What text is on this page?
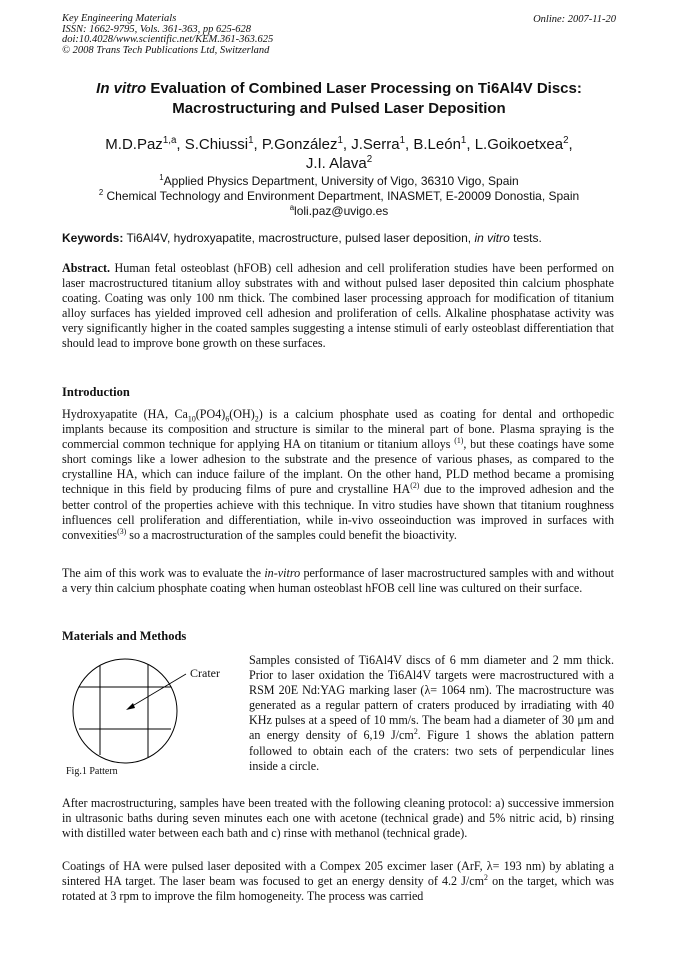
Key Engineering Materials
ISSN: 1662-9795, Vols. 361-363, pp 625-628
doi:10.4028/www.scientific.net/KEM.361-363.625
© 2008 Trans Tech Publications Ltd, Switzerland
Online: 2007-11-20
In vitro Evaluation of Combined Laser Processing on Ti6Al4V Discs:
Macrostructuring and Pulsed Laser Deposition
M.D.Paz$^{1,a}$, S.Chiussi$^1$, P.González$^1$, J.Serra$^1$, B.León$^1$, L.Goikoetxea$^2$,
J.I. Alava$^2$
$^1$Applied Physics Department, University of Vigo, 36310 Vigo, Spain
$^2$ Chemical Technology and Environment Department, INASMET, E-20009 Donostia, Spain
$^a$loli.paz@uvigo.es
Keywords: Ti6Al4V, hydroxyapatite, macrostructure, pulsed laser deposition, in vitro tests.
Abstract. Human fetal osteoblast (hFOB) cell adhesion and cell proliferation studies have been performed on laser macrostructured titanium alloy substrates with and without pulsed laser deposited thin calcium phosphate coating. Coating was only 100 nm thick. The combined laser processing approach for modification of titanium alloy surfaces has yielded improved cell adhesion and proliferation of cells. Alkaline phosphatase activity was very significantly higher in the coated samples suggesting a intense stimuli of early osteoblast differentiation that should lead to improve bone growth on these surfaces.
Introduction
Hydroxyapatite (HA, $Ca_{10}(PO4)_6(OH)_2$) is a calcium phosphate used as coating for dental and orthopedic implants because its composition and structure is similar to the mineral part of bone. Plasma spraying is the commercial common technique for applying HA on titanium or titanium alloys $^{(1)}$, but these coatings have some short comings like a lower adhesion to the substrate and the presence of various phases, as compared to the crystalline HA, which can induce failure of the implant. On the other hand, PLD method became a promising technique in this field by producing films of pure and crystalline HA$^{(2)}$ due to the improved adhesion and the better control of the properties achieve with this technique. In vitro studies have shown that titanium roughness influences cell proliferation and differentiation, while in-vivo osseoinduction was improved in surfaces with convexities$^{(3)}$ so a macrostructuration of the samples could benefit the bioactivity.
The aim of this work was to evaluate the in-vitro performance of laser macrostructured samples with and without a very thin calcium phosphate coating when human osteoblast hFOB cell line was cultured on their surface.
Materials and Methods
Crater
Fig.1 Pattern
Samples consisted of Ti6Al4V discs of 6 mm diameter and 2 mm thick. Prior to laser oxidation the Ti6Al4V targets were macrostructured with a RSM 20E Nd:YAG marking laser (λ= 1064 nm). The macrostructure was generated as a regular pattern of craters produced by irradiating with 40 KHz pulses at a speed of 10 mm/s. The beam had a diameter of 30 μm and an energy density of 6,19 $J/cm^2$. Figure 1 shows the ablation pattern followed to obtain each of the craters: two sets of perpendicular lines inside a circle.
After macrostructuring, samples have been treated with the following cleaning protocol: a) successive immersion in ultrasonic baths during seven minutes each one with acetone (technical grade) and 5% nitric acid, b) rinsing with distilled water between each bath and c) rinse with methanol (technical grade).
Coatings of HA were pulsed laser deposited with a Compex 205 excimer laser (ArF, λ= 193 nm) by ablating a sintered HA target. The laser beam was focused to get an energy density of 4.2 $J/cm^2$ on the target, which was rotated at 3 rpm to improve the film homogeneity. The process was carried
